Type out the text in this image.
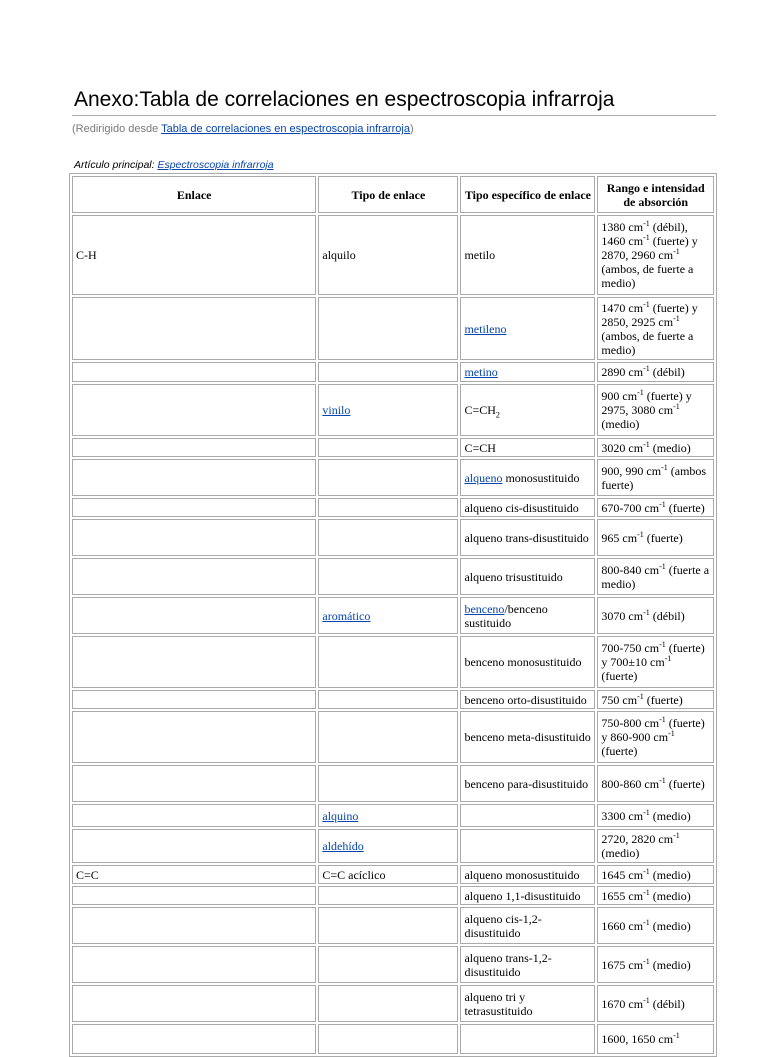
Anexo:Tabla de correlaciones en espectroscopia infrarroja
(Redirigido desde Tabla de correlaciones en espectroscopia infrarroja)
Artículo principal: Espectroscopia infrarroja
Enlace	Tipo de enlace	Tipo específico de enlace	Rango e intensidad de absorción
C-H	alquilo	metilo	1380 $cm^{-1}$ (débil), 1460 $cm^{-1}$ (fuerte) y 2870, 2960 $cm^{-1}$ (ambos, de fuerte a medio)
		metileno	1470 $cm^{-1}$ (fuerte) y 2850, 2925 $cm^{-1}$ (ambos, de fuerte a medio)
		metino	2890 $cm^{-1}$ (débil)
	vinilo	$C=CH_2$	900 $cm^{-1}$ (fuerte) y 2975, 3080 $cm^{-1}$ (medio)
		C=CH	3020 $cm^{-1}$ (medio)
		alqueno monosustituido	900, 990 $cm^{-1}$ (ambos fuerte)
		alqueno cis-disustituido	670-700 $cm^{-1}$ (fuerte)
		alqueno trans-disustituido	965 $cm^{-1}$ (fuerte)
		alqueno trisustituido	800-840 $cm^{-1}$ (fuerte a medio)
	aromático	benceno/benceno sustituido	3070 $cm^{-1}$ (débil)
		benceno monosustituido	700-750 $cm^{-1}$ (fuerte) y 700±10 $cm^{-1}$ (fuerte)
		benceno orto-disustituido	750 $cm^{-1}$ (fuerte)
		benceno meta-disustituido	750-800 $cm^{-1}$ (fuerte) y 860-900 $cm^{-1}$ (fuerte)
		benceno para-disustituido	800-860 $cm^{-1}$ (fuerte)
	alquino		3300 $cm^{-1}$ (medio)
	aldehído		2720, 2820 $cm^{-1}$ (medio)
C=C	C=C acíclico	alqueno monosustituido	1645 $cm^{-1}$ (medio)
		alqueno 1,1-disustituido	1655 $cm^{-1}$ (medio)
		alqueno cis-1,2-disustituido	1660 $cm^{-1}$ (medio)
		alqueno trans-1,2-disustituido	1675 $cm^{-1}$ (medio)
		alqueno tri y tetrasustituido	1670 $cm^{-1}$ (débil)
			1600, 1650 $cm^{-1}$
